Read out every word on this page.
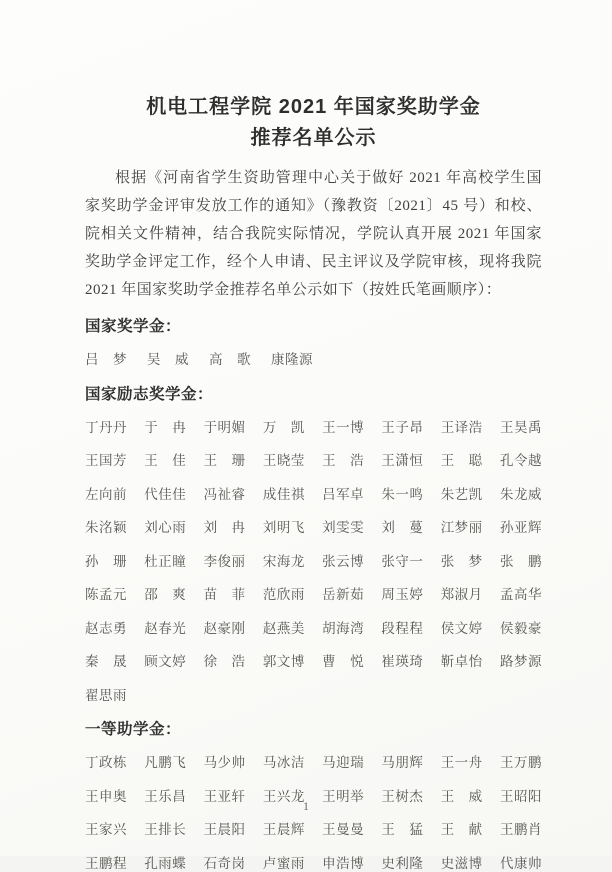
机电工程学院 2021 年国家奖助学金
推荐名单公示

根据《河南省学生资助管理中心关于做好 2021 年高校学生国家奖助学金评审发放工作的通知》（豫教资〔2021〕45 号）和校、院相关文件精神，结合我院实际情况，学院认真开展 2021 年国家奖助学金评定工作，经个人申请、民主评议及学院审核，现将我院 2021 年国家奖助学金推荐名单公示如下（按姓氏笔画顺序）：

国家奖学金：
吕　梦 吴　威 高　歌 康隆源
国家励志奖学金：
丁丹丹 于　冉 于明媚 万　凯 王一博 王子昂 王译浩 王昊禹
王国芳 王　佳 王　珊 王晓莹 王　浩 王潇恒 王　聪 孔令越
左向前 代佳佳 冯祉睿 成佳祺 吕军卓 朱一鸣 朱艺凯 朱龙威
朱洺颖 刘心雨 刘　冉 刘明飞 刘雯雯 刘　蔓 江梦丽 孙亚辉
孙　珊 杜正瞳 李俊丽 宋海龙 张云博 张守一 张　梦 张　鹏
陈孟元 邵　爽 苗　菲 范欣雨 岳新茹 周玉婷 郑淑月 孟高华
赵志勇 赵春光 赵豪刚 赵燕美 胡海湾 段程程 侯文婷 侯毅豪
秦　晟 顾文婷 徐　浩 郭文博 曹　悦 崔瑛琦 靳卓怡 路梦源
翟思雨
一等助学金：
丁政栋 凡鹏飞 马少帅 马冰洁 马迎瑞 马朋辉 王一舟 王万鹏
王申奥 王乐昌 王亚轩 王兴龙 王明举 王树杰 王　威 王昭阳
王家兴 王排长 王晨阳 王晨辉 王曼曼 王　猛 王　献 王鹏肖
王鹏程 孔雨蝶 石奇岗 卢蜜雨 申浩博 史利隆 史滋博 代康帅
1
